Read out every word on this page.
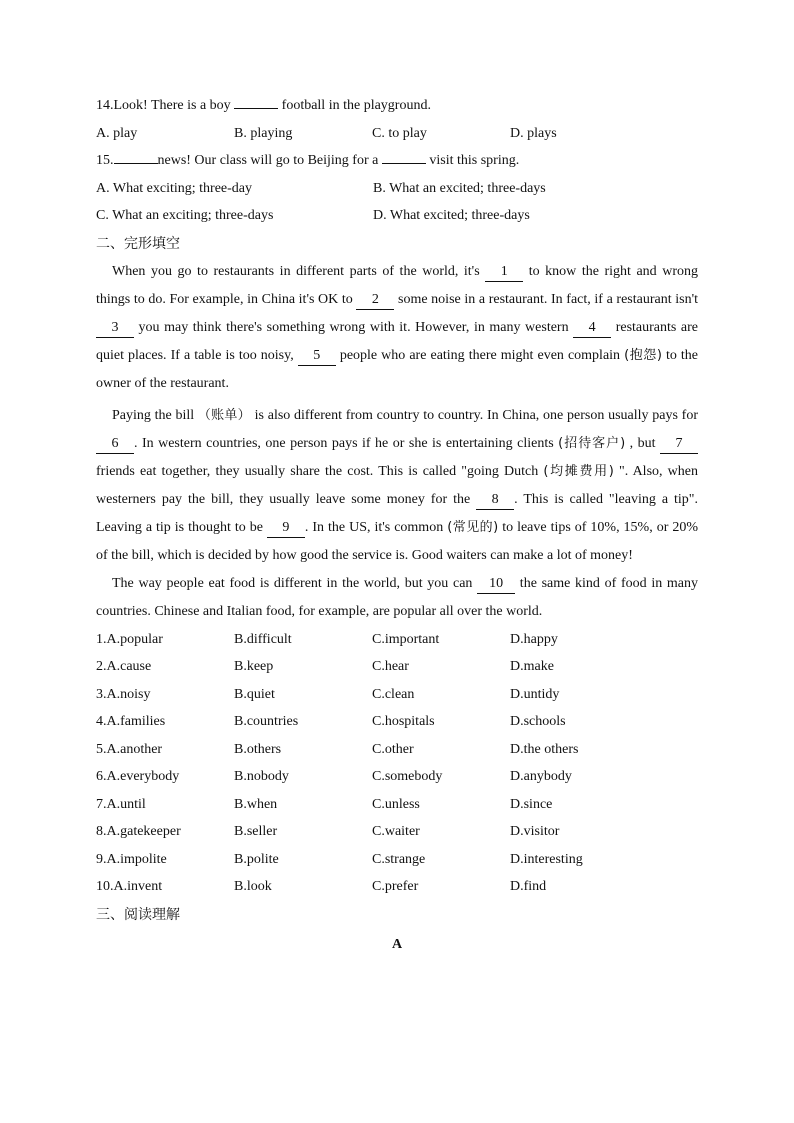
14.Look! There is a boy	football in the playground.
A. play	B. playing	C. to play	D. plays
15.	news! Our class will go to Beijing for a	visit this spring.
A. What exciting; three-day	B. What an excited; three-days
C. What an exciting; three-days	D. What excited; three-days
二、完形填空

When you go to restaurants in different parts of the world, it's 1 to know the right and wrong things to do. For example, in China it's OK to 2 some noise in a restaurant. In fact, if a restaurant isn't 3 you may think there's something wrong with it. However, in many western 4 restaurants are quiet places. If a table is too noisy, 5 people who are eating there might even complain (抱怨) to the owner of the restaurant.

Paying the bill （账单） is also different from country to country. In China, one person usually pays for 6 . In western countries, one person pays if he or she is entertaining clients (招待客户) , but 7 friends eat together, they usually share the cost. This is called "going Dutch (均摊费用) ". Also, when westerners pay the bill, they usually leave some money for the 8 . This is called "leaving a tip". Leaving a tip is thought to be 9 . In the US, it's common (常见的) to leave tips of 10%, 15%, or 20% of the bill, which is decided by how good the service is. Good waiters can make a lot of money!

The way people eat food is different in the world, but you can 10 the same kind of food in many countries. Chinese and Italian food, for example, are popular all over the world.

1.A.popular	B.difficult	C.important	D.happy
2.A.cause	B.keep	C.hear	D.make
3.A.noisy	B.quiet	C.clean	D.untidy
4.A.families	B.countries	C.hospitals	D.schools
5.A.another	B.others	C.other	D.the others
6.A.everybody	B.nobody	C.somebody	D.anybody
7.A.until	B.when	C.unless	D.since
8.A.gatekeeper	B.seller	C.waiter	D.visitor
9.A.impolite	B.polite	C.strange	D.interesting
10.A.invent	B.look	C.prefer	D.find
三、阅读理解
A
